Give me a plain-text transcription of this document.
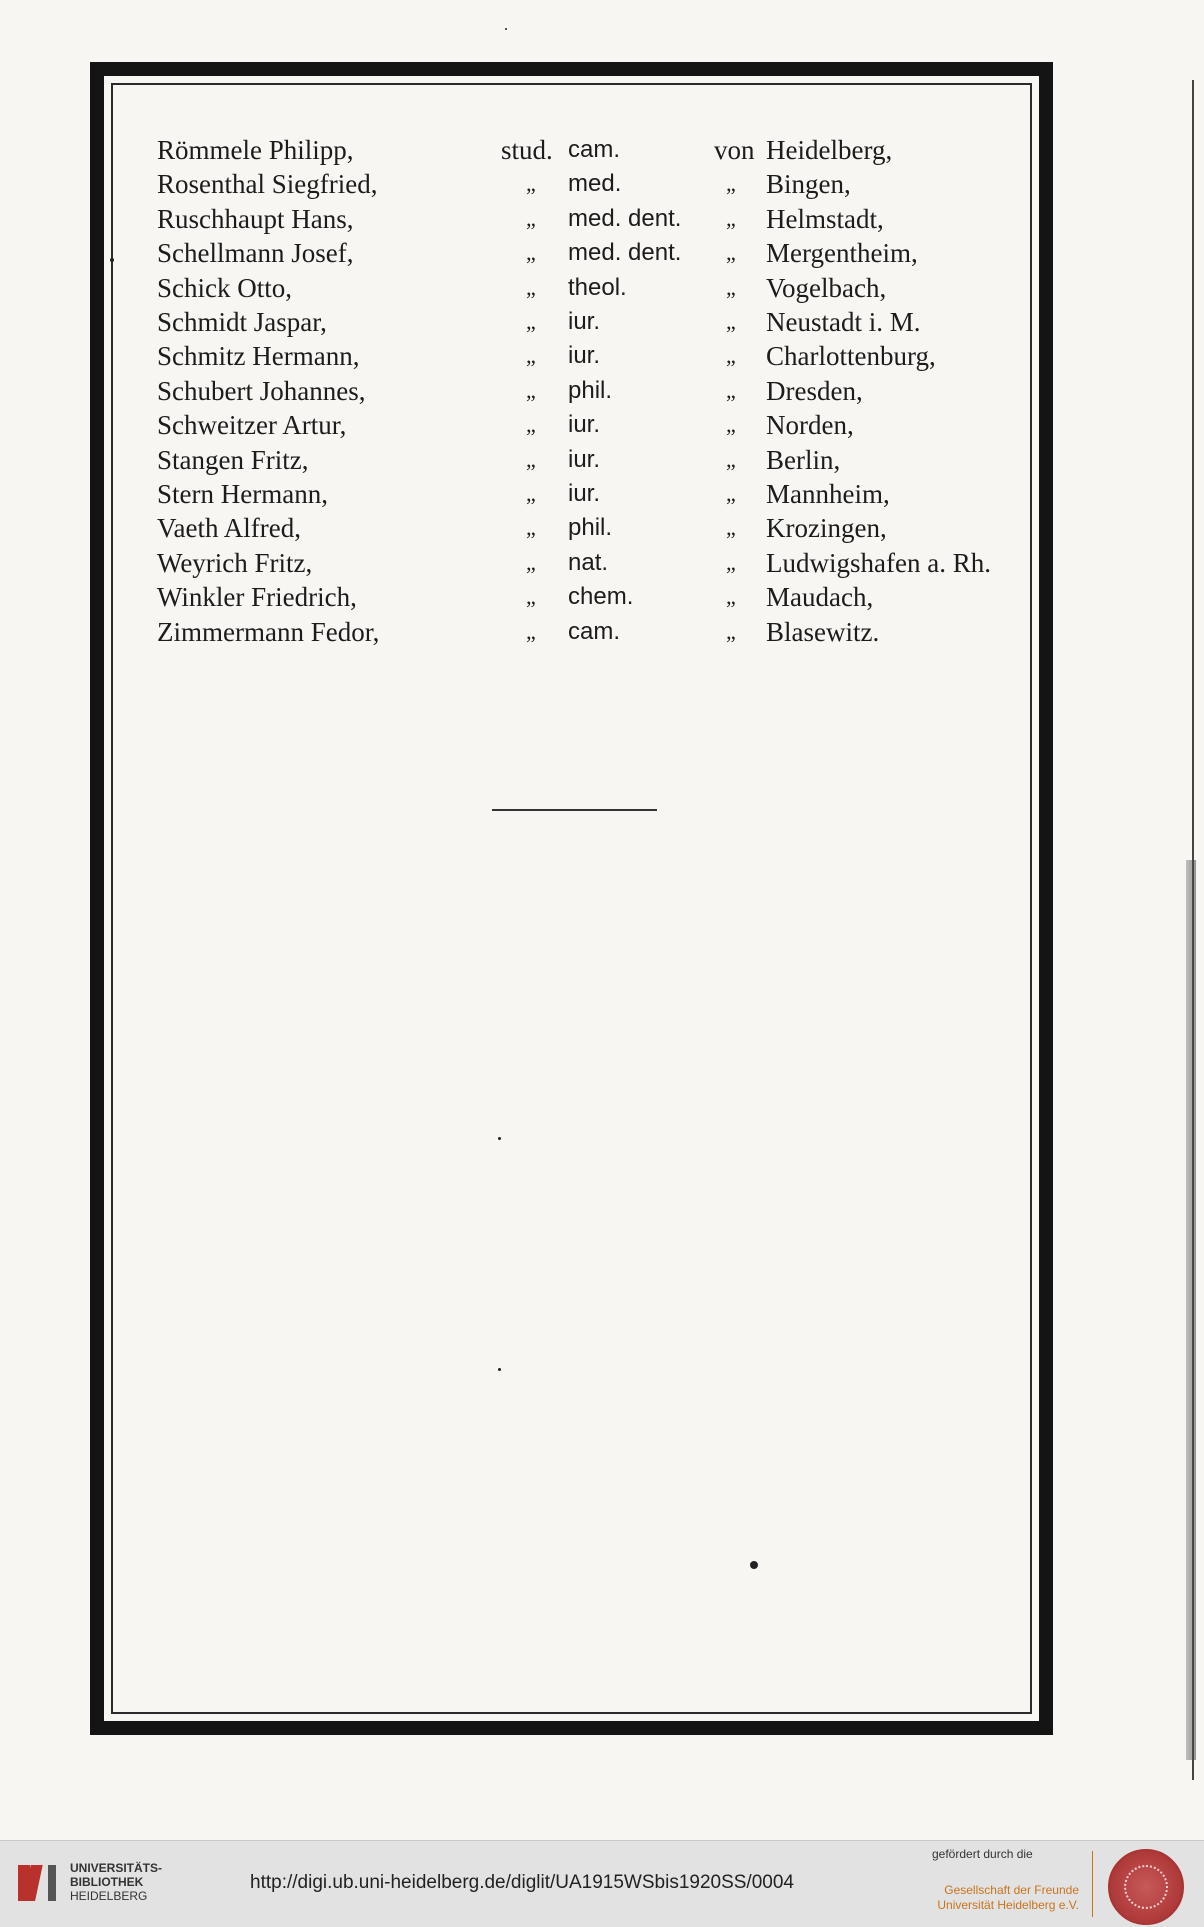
Römmele Philipp,	stud. cam.	von Heidelberg,
Rosenthal Siegfried,	„ med.	„ Bingen,
Ruschhaupt Hans,	„ med. dent. „ Helmstadt,
Schellmann Josef,	„ med. dent. „ Mergentheim,
Schick Otto,	„ theol.	„ Vogelbach,
Schmidt Jaspar,	„ iur.	„ Neustadt i. M.
Schmitz Hermann,	„ iur.	„ Charlottenburg,
Schubert Johannes,	„ phil.	„ Dresden,
Schweitzer Artur,	„ iur.	„ Norden,
Stangen Fritz,	„ iur.	„ Berlin,
Stern Hermann,	„ iur.	„ Mannheim,
Vaeth Alfred,	„ phil.	„ Krozingen,
Weyrich Fritz,	„ nat.	„ Ludwigshafen a. Rh.
Winkler Friedrich,	„ chem.	„ Maudach,
Zimmermann Fedor,	„ cam.	„ Blasewitz.
UNIVERSITÄTS-
BIBLIOTHEK
HEIDELBERG
http://digi.ub.uni-heidelberg.de/diglit/UA1915WSbis1920SS/0004
gefördert durch die
Gesellschaft der Freunde
Universität Heidelberg e.V.
